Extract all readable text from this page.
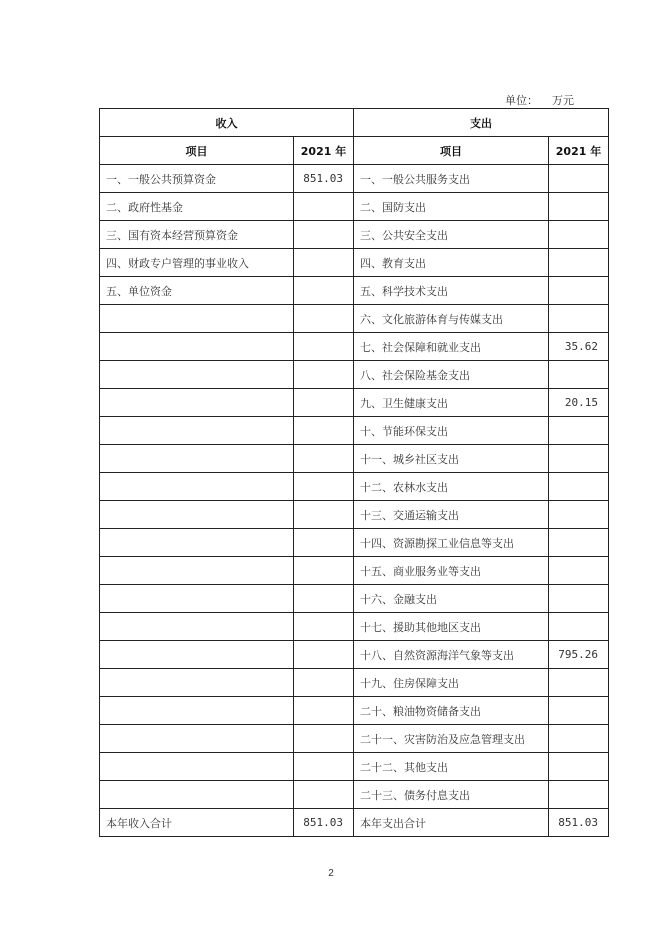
单位： 万元
收入		支出	
项目	2021 年	项目	2021 年
一、一般公共预算资金	851.03	一、一般公共服务支出	
二、政府性基金		二、国防支出	
三、国有资本经营预算资金		三、公共安全支出	
四、财政专户管理的事业收入		四、教育支出	
五、单位资金		五、科学技术支出	
		六、文化旅游体育与传媒支出	
		七、社会保障和就业支出	35.62
		八、社会保险基金支出	
		九、卫生健康支出	20.15
		十、节能环保支出	
		十一、城乡社区支出	
		十二、农林水支出	
		十三、交通运输支出	
		十四、资源勘探工业信息等支出	
		十五、商业服务业等支出	
		十六、金融支出	
		十七、援助其他地区支出	
		十八、自然资源海洋气象等支出	795.26
		十九、住房保障支出	
		二十、粮油物资储备支出	
		二十一、灾害防治及应急管理支出	
		二十二、其他支出	
		二十三、债务付息支出	
本年收入合计	851.03	本年支出合计	851.03
2
